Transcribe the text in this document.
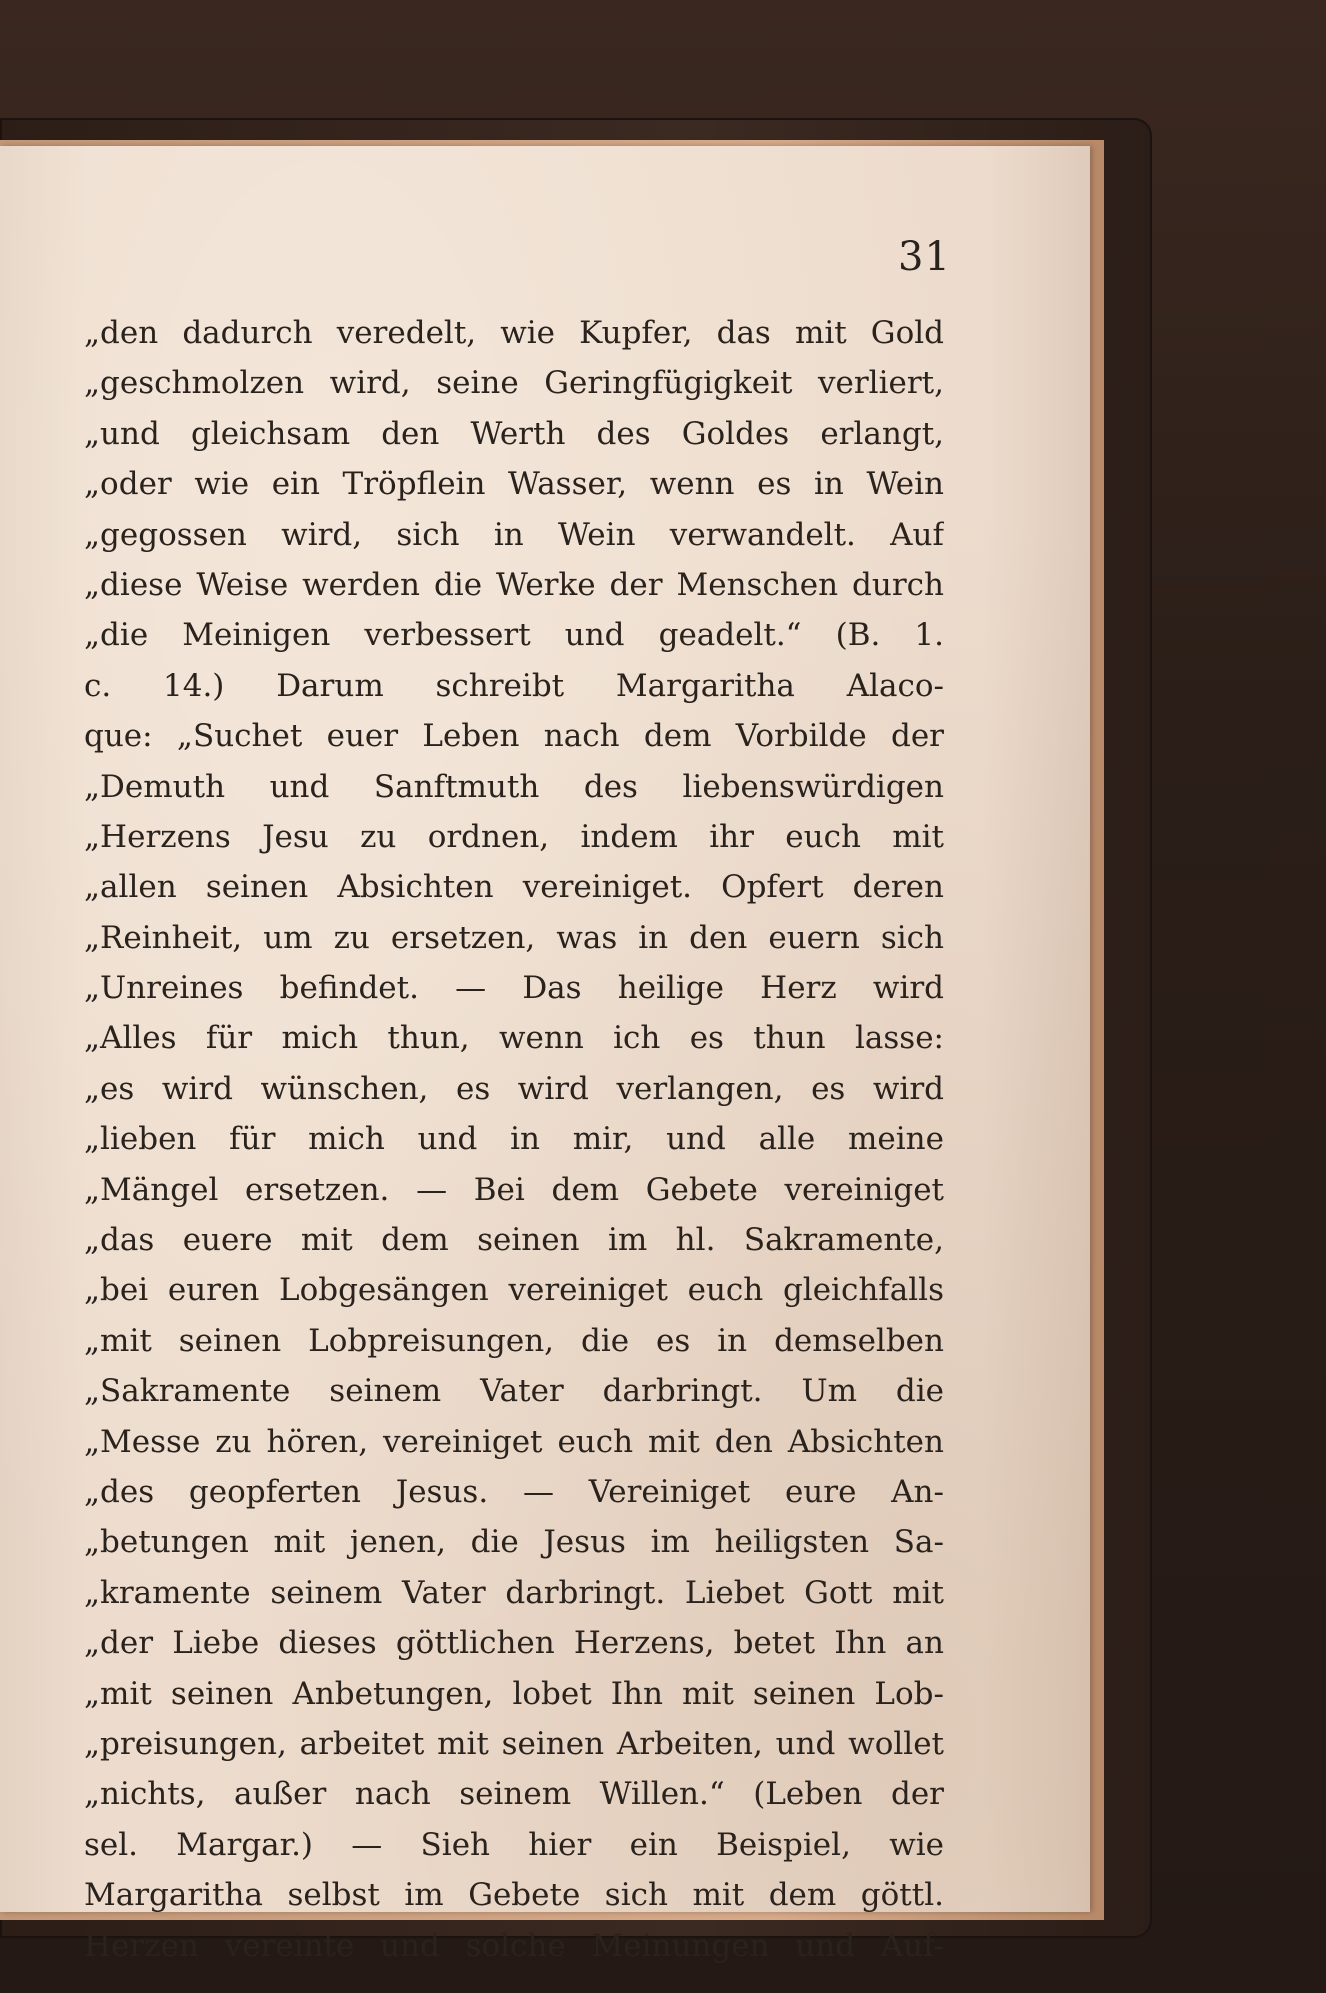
31
„den dadurch veredelt, wie Kupfer, das mit Gold
„geschmolzen wird, seine Geringfügigkeit verliert,
„und gleichsam den Werth des Goldes erlangt,
„oder wie ein Tröpflein Wasser, wenn es in Wein
„gegossen wird, sich in Wein verwandelt. Auf
„diese Weise werden die Werke der Menschen durch
„die Meinigen verbessert und geadelt.“ (B. 1.
c. 14.) Darum schreibt Margaritha Alaco-
que: „Suchet euer Leben nach dem Vorbilde der
„Demuth und Sanftmuth des liebenswürdigen
„Herzens Jesu zu ordnen, indem ihr euch mit
„allen seinen Absichten vereiniget. Opfert deren
„Reinheit, um zu ersetzen, was in den euern sich
„Unreines befindet. — Das heilige Herz wird
„Alles für mich thun, wenn ich es thun lasse:
„es wird wünschen, es wird verlangen, es wird
„lieben für mich und in mir, und alle meine
„Mängel ersetzen. — Bei dem Gebete vereiniget
„das euere mit dem seinen im hl. Sakramente,
„bei euren Lobgesängen vereiniget euch gleichfalls
„mit seinen Lobpreisungen, die es in demselben
„Sakramente seinem Vater darbringt. Um die
„Messe zu hören, vereiniget euch mit den Absichten
„des geopferten Jesus. — Vereiniget eure An-
„betungen mit jenen, die Jesus im heiligsten Sa-
„kramente seinem Vater darbringt. Liebet Gott mit
„der Liebe dieses göttlichen Herzens, betet Ihn an
„mit seinen Anbetungen, lobet Ihn mit seinen Lob-
„preisungen, arbeitet mit seinen Arbeiten, und wollet
„nichts, außer nach seinem Willen.“ (Leben der
sel. Margar.) — Sieh hier ein Beispiel, wie
Margaritha selbst im Gebete sich mit dem göttl.
Herzen vereinte und solche Meinungen und Auf-
